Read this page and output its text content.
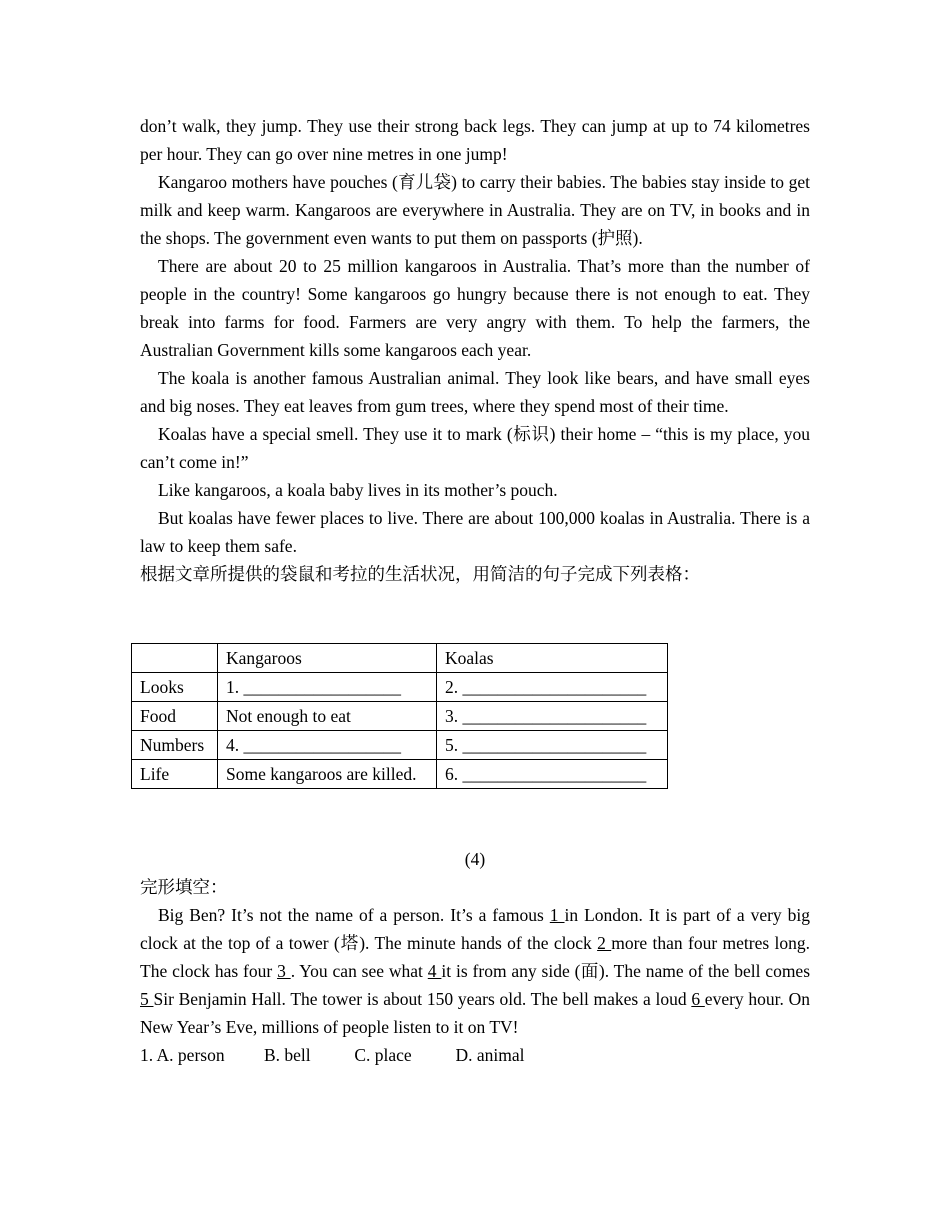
don’t walk, they jump. They use their strong back legs. They can jump at up to 74 kilometres per hour. They can go over nine metres in one jump!

Kangaroo mothers have pouches (育儿袋) to carry their babies. The babies stay inside to get milk and keep warm. Kangaroos are everywhere in Australia. They are on TV, in books and in the shops. The government even wants to put them on passports (护照).

There are about 20 to 25 million kangaroos in Australia. That’s more than the number of people in the country! Some kangaroos go hungry because there is not enough to eat. They break into farms for food. Farmers are very angry with them. To help the farmers, the Australian Government kills some kangaroos each year.

The koala is another famous Australian animal. They look like bears, and have small eyes and big noses. They eat leaves from gum trees, where they spend most of their time.

Koalas have a special smell. They use it to mark (标识) their home – “this is my place, you can’t come in!”

Like kangaroos, a koala baby lives in its mother’s pouch.

But koalas have fewer places to live. There are about 100,000 koalas in Australia. There is a law to keep them safe.

根据文章所提供的袋鼠和考拉的生活状况，用简洁的句子完成下列表格：

	Kangaroos	Koalas
Looks	1. __________________	2. _____________________
Food	Not enough to eat	3. _____________________
Numbers	4. __________________	5. _____________________
Life	Some kangaroos are killed.	6. _____________________

(4)

完形填空：

Big Ben? It’s not the name of a person. It’s a famous 1 in London. It is part of a very big clock at the top of a tower (塔). The minute hands of the clock 2 more than four metres long. The clock has four 3 . You can see what 4 it is from any side (面). The name of the bell comes 5 Sir Benjamin Hall. The tower is about 150 years old. The bell makes a loud 6 every hour. On New Year’s Eve, millions of people listen to it on TV!

1. A. person         B. bell          C. place          D. animal
